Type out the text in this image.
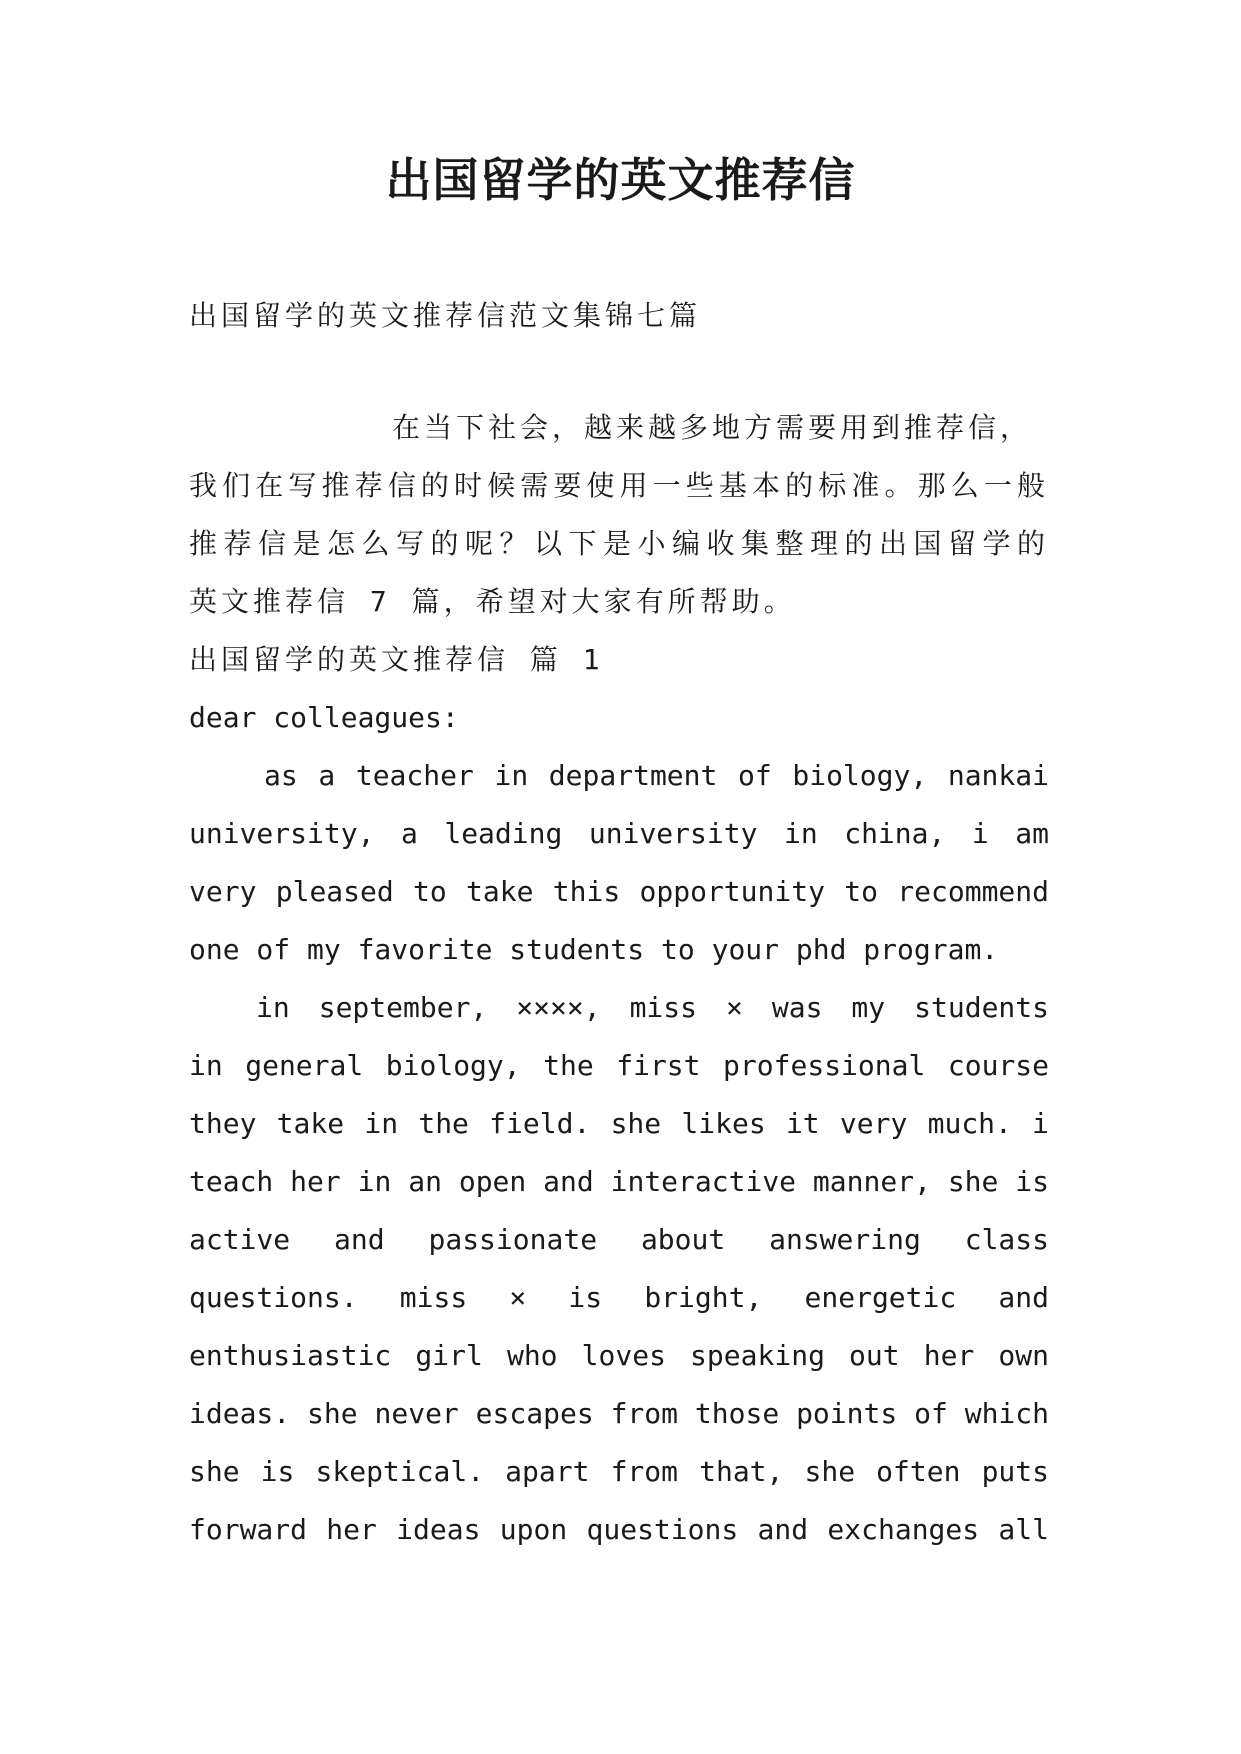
出国留学的英文推荐信
出国留学的英文推荐信范文集锦七篇
在当下社会，越来越多地方需要用到推荐信，
我们在写推荐信的时候需要使用一些基本的标准。那么一般
推荐信是怎么写的呢？以下是小编收集整理的出国留学的
英文推荐信 7 篇，希望对大家有所帮助。
出国留学的英文推荐信 篇 1
dear colleagues:
as a teacher in department of biology, nankai
university, a leading university in china, i am
very pleased to take this opportunity to recommend
one of my favorite students to your phd program.
in september, ××××, miss × was my students
in general biology, the first professional course
they take in the field. she likes it very much. i
teach her in an open and interactive manner, she is
active and passionate about answering class
questions. miss × is bright, energetic and
enthusiastic girl who loves speaking out her own
ideas. she never escapes from those points of which
she is skeptical. apart from that, she often puts
forward her ideas upon questions and exchanges all
